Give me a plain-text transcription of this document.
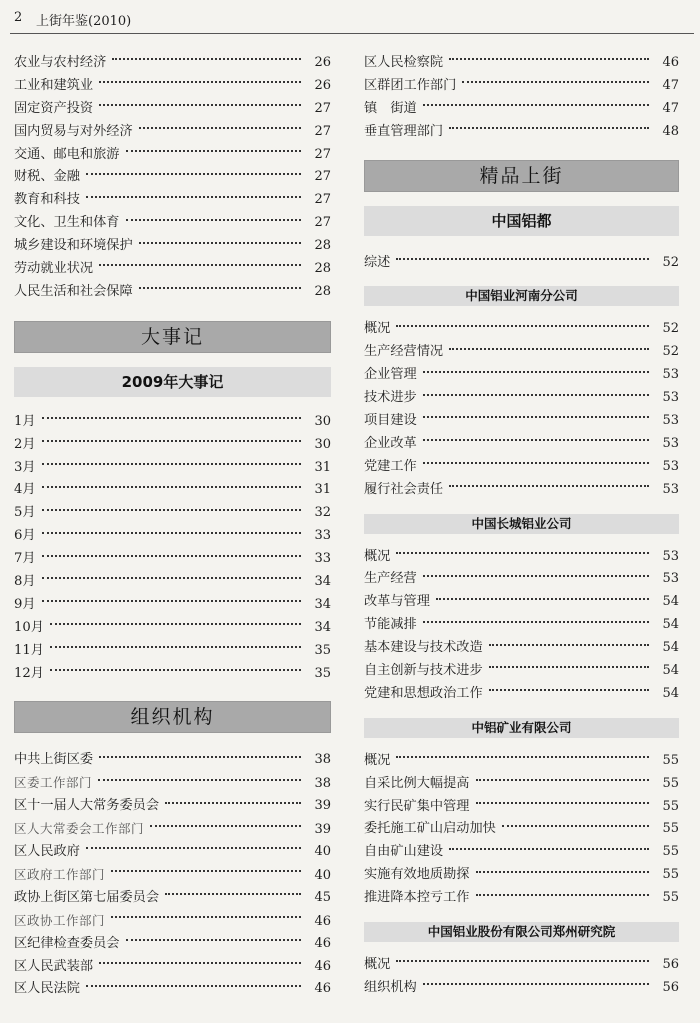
2 上街年鉴(2010)
农业与农村经济	26
工业和建筑业	26
固定资产投资	27
国内贸易与对外经济	27
交通、邮电和旅游	27
财税、金融	27
教育和科技	27
文化、卫生和体育	27
城乡建设和环境保护	28
劳动就业状况	28
人民生活和社会保障	28
大事记
2009年大事记
1月	30
2月	30
3月	31
4月	31
5月	32
6月	33
7月	33
8月	34
9月	34
10月	34
11月	35
12月	35
组织机构
中共上街区委	38
区委工作部门	38
区十一届人大常务委员会	39
区人大常委会工作部门	39
区人民政府	40
区政府工作部门	40
政协上街区第七届委员会	45
区政协工作部门	46
区纪律检查委员会	46
区人民武装部	46
区人民法院	46
区人民检察院	46
区群团工作部门	47
镇　街道	47
垂直管理部门	48
精品上街
中国铝都
综述	52
中国铝业河南分公司
概况	52
生产经营情况	52
企业管理	53
技术进步	53
项目建设	53
企业改革	53
党建工作	53
履行社会责任	53
中国长城铝业公司
概况	53
生产经营	53
改革与管理	54
节能减排	54
基本建设与技术改造	54
自主创新与技术进步	54
党建和思想政治工作	54
中铝矿业有限公司
概况	55
自采比例大幅提高	55
实行民矿集中管理	55
委托施工矿山启动加快	55
自由矿山建设	55
实施有效地质勘探	55
推进降本控亏工作	55
中国铝业股份有限公司郑州研究院
概况	56
组织机构	56
